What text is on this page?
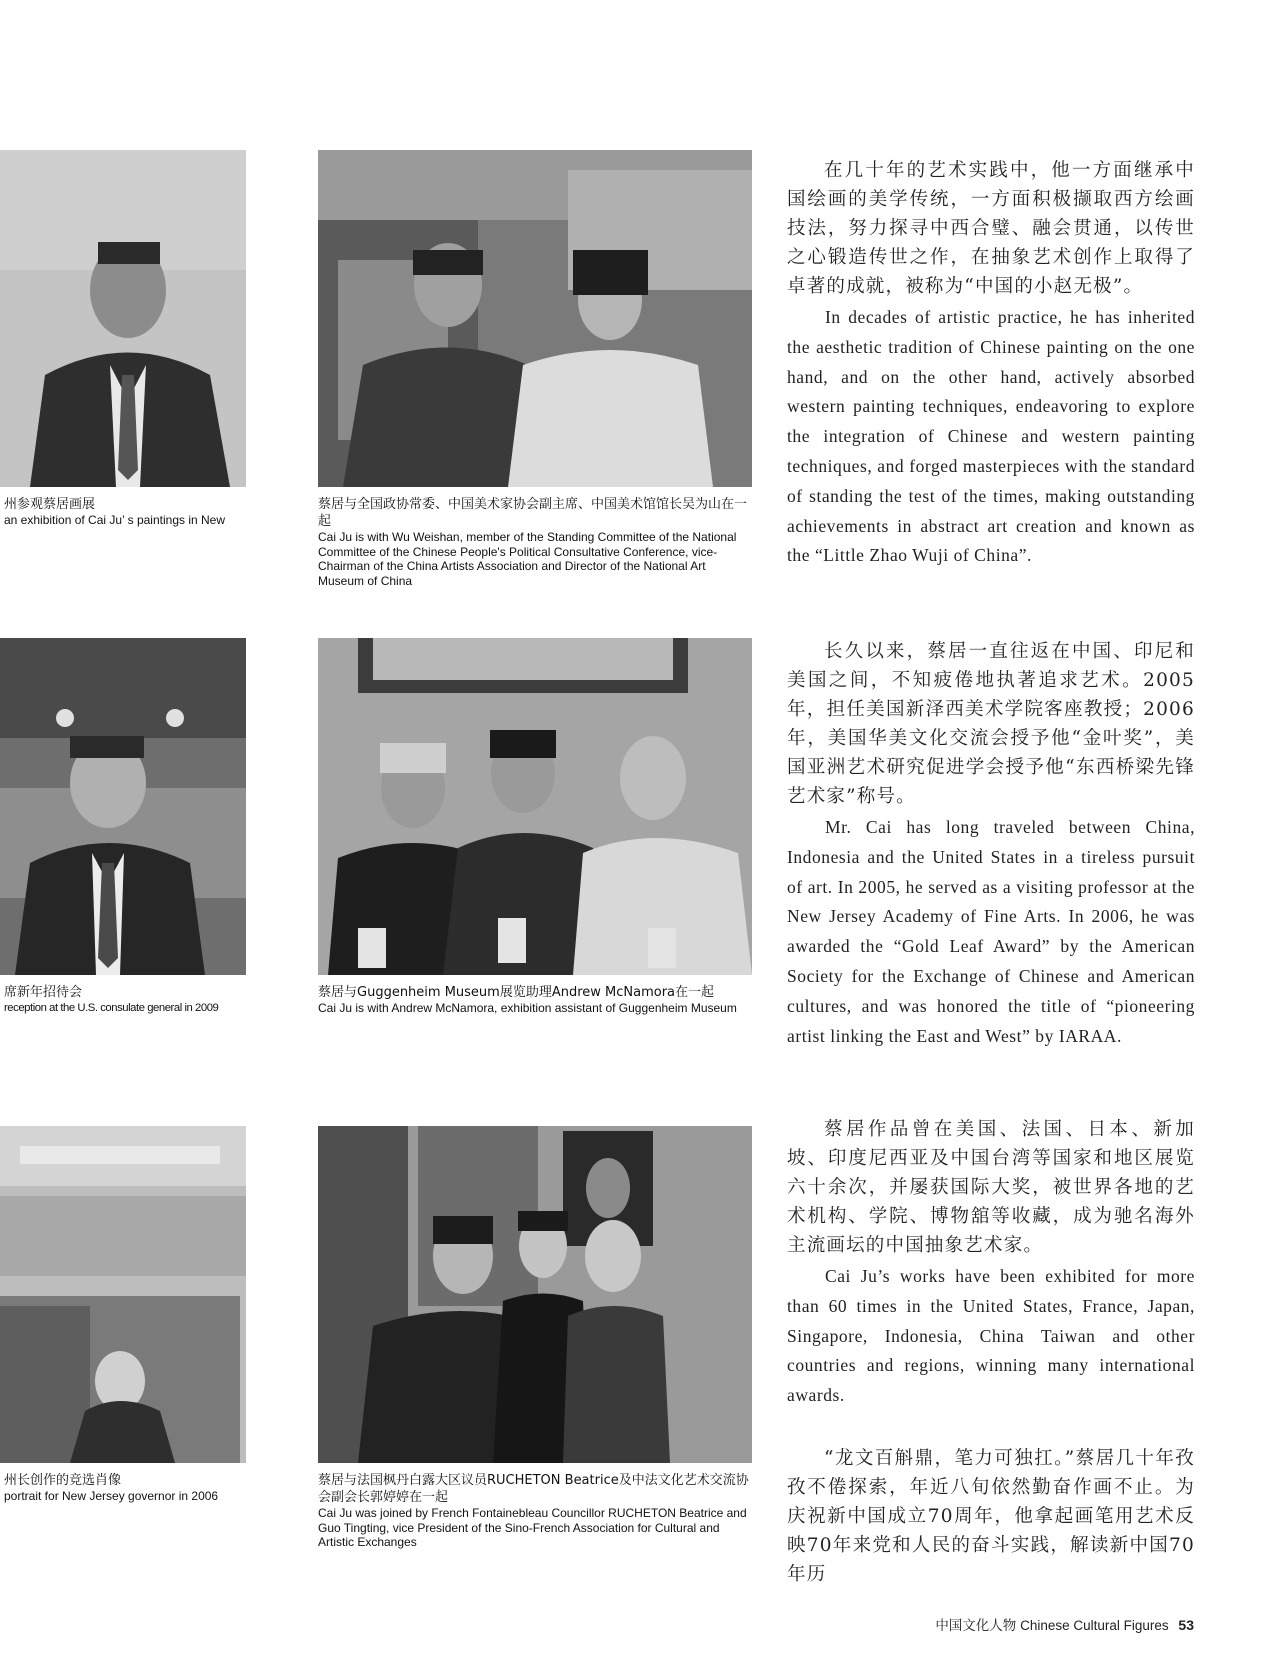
州参观蔡居画展
an exhibition of Cai Ju’ s paintings in New
蔡居与全国政协常委、中国美术家协会副主席、中国美术馆馆长吴为山在一起
Cai Ju is with Wu Weishan, member of the Standing Committee of the National Committee of the Chinese People's Political Consultative Conference, vice-Chairman of the China Artists Association and Director of the National Art Museum of China
席新年招待会
reception at the U.S. consulate general in 2009
蔡居与Guggenheim Museum展览助理Andrew McNamora在一起
Cai Ju is with Andrew McNamora, exhibition assistant of Guggenheim Museum
州长创作的竞选肖像
portrait for New Jersey governor in 2006
蔡居与法国枫丹白露大区议员RUCHETON Beatrice及中法文化艺术交流协会副会长郭婷婷在一起
Cai Ju was joined by French Fontainebleau Councillor RUCHETON Beatrice and Guo Tingting, vice President of the Sino-French Association for Cultural and Artistic Exchanges

在几十年的艺术实践中，他一方面继承中国绘画的美学传统，一方面积极撷取西方绘画技法，努力探寻中西合璧、融会贯通，以传世之心锻造传世之作，在抽象艺术创作上取得了卓著的成就，被称为“中国的小赵无极”。

In decades of artistic practice, he has inherited the aesthetic tradition of Chinese painting on the one hand, and on the other hand, actively absorbed western painting techniques, endeavoring to explore the integration of Chinese and western painting techniques, and forged masterpieces with the standard of standing the test of the times, making outstanding achievements in abstract art creation and known as the “Little Zhao Wuji of China”.

长久以来，蔡居一直往返在中国、印尼和美国之间，不知疲倦地执著追求艺术。2005年，担任美国新泽西美术学院客座教授；2006年，美国华美文化交流会授予他“金叶奖”，美国亚洲艺术研究促进学会授予他“东西桥梁先锋艺术家”称号。

Mr. Cai has long traveled between China, Indonesia and the United States in a tireless pursuit of art. In 2005, he served as a visiting professor at the New Jersey Academy of Fine Arts. In 2006, he was awarded the “Gold Leaf Award” by the American Society for the Exchange of Chinese and American cultures, and was honored the title of “pioneering artist linking the East and West” by IARAA.

蔡居作品曾在美国、法国、日本、新加坡、印度尼西亚及中国台湾等国家和地区展览六十余次，并屡获国际大奖，被世界各地的艺术机构、学院、博物舘等收藏，成为驰名海外主流画坛的中国抽象艺术家。

Cai Ju’s works have been exhibited for more than 60 times in the United States, France, Japan, Singapore, Indonesia, China Taiwan and other countries and regions, winning many international awards.

“龙文百斛鼎，笔力可独扛。”蔡居几十年孜孜不倦探索，年近八旬依然勤奋作画不止。为庆祝新中国成立70周年，他拿起画笔用艺术反映70年来党和人民的奋斗实践，解读新中国70年历

中国文化人物 Chinese Cultural Figures 53
